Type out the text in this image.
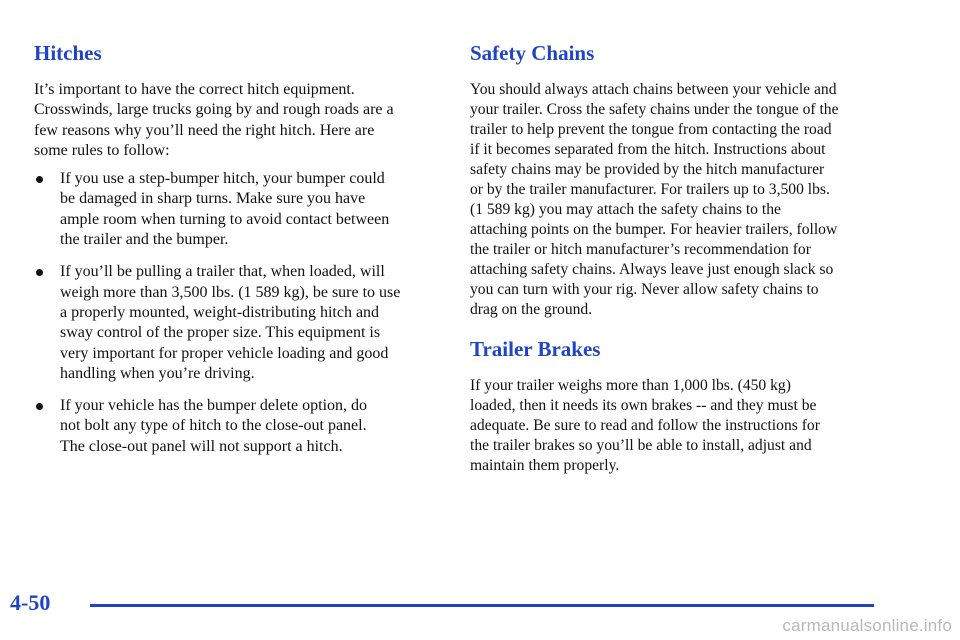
Hitches

It’s important to have the correct hitch equipment.
Crosswinds, large trucks going by and rough roads are a
few reasons why you’ll need the right hitch. Here are
some rules to follow:

If you use a step‑bumper hitch, your bumper could
be damaged in sharp turns. Make sure you have
ample room when turning to avoid contact between
the trailer and the bumper.

If you’ll be pulling a trailer that, when loaded, will
weigh more than 3,500 lbs. (1 589 kg), be sure to use
a properly mounted, weight‑distributing hitch and
sway control of the proper size. This equipment is
very important for proper vehicle loading and good
handling when you’re driving.

If your vehicle has the bumper delete option, do
not bolt any type of hitch to the close‑out panel.
The close‑out panel will not support a hitch.

Safety Chains

You should always attach chains between your vehicle and
your trailer. Cross the safety chains under the tongue of the
trailer to help prevent the tongue from contacting the road
if it becomes separated from the hitch. Instructions about
safety chains may be provided by the hitch manufacturer
or by the trailer manufacturer. For trailers up to 3,500 lbs.
(1 589 kg) you may attach the safety chains to the
attaching points on the bumper. For heavier trailers, follow
the trailer or hitch manufacturer’s recommendation for
attaching safety chains. Always leave just enough slack so
you can turn with your rig. Never allow safety chains to
drag on the ground.

Trailer Brakes

If your trailer weighs more than 1,000 lbs. (450 kg)
loaded, then it needs its own brakes -- and they must be
adequate. Be sure to read and follow the instructions for
the trailer brakes so you’ll be able to install, adjust and
maintain them properly.

4-50
carmanualsonline.info
